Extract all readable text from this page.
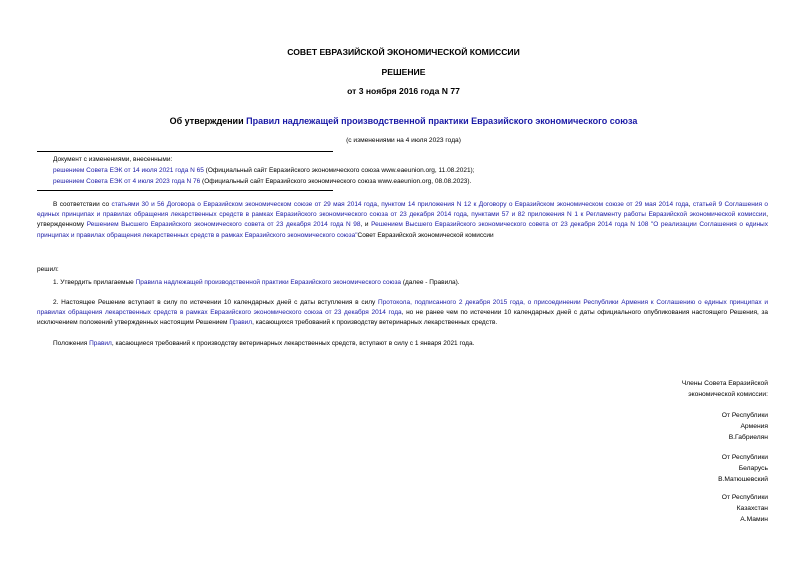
СОВЕТ ЕВРАЗИЙСКОЙ ЭКОНОМИЧЕСКОЙ КОМИССИИ
РЕШЕНИЕ
от 3 ноября 2016 года N 77
Об утверждении Правил надлежащей производственной практики Евразийского экономического союза
(с изменениями на 4 июля 2023 года)
Документ с изменениями, внесенными:
решением Совета ЕЭК от 14 июля 2021 года N 65 (Официальный сайт Евразийского экономического союза www.eaeunion.org, 11.08.2021);
решением Совета ЕЭК от 4 июля 2023 года N 76 (Официальный сайт Евразийского экономического союза www.eaeunion.org, 08.08.2023).
В соответствии со статьями 30 и 56 Договора о Евразийском экономическом союзе от 29 мая 2014 года, пунктом 14 приложения N 12 к Договору о Евразийском экономическом союзе от 29 мая 2014 года, статьей 9 Соглашения о единых принципах и правилах обращения лекарственных средств в рамках Евразийского экономического союза от 23 декабря 2014 года, пунктами 57 и 82 приложения N 1 к Регламенту работы Евразийской экономической комиссии, утвержденному Решением Высшего Евразийского экономического совета от 23 декабря 2014 года N 98, и Решением Высшего Евразийского экономического совета от 23 декабря 2014 года N 108 "О реализации Соглашения о единых принципах и правилах обращения лекарственных средств в рамках Евразийского экономического союза"Совет Евразийской экономической комиссии
решил:
1. Утвердить прилагаемые Правила надлежащей производственной практики Евразийского экономического союза (далее - Правила).
2. Настоящее Решение вступает в силу по истечении 10 календарных дней с даты вступления в силу Протокола, подписанного 2 декабря 2015 года, о присоединении Республики Армения к Соглашению о единых принципах и правилах обращения лекарственных средств в рамках Евразийского экономического союза от 23 декабря 2014 года, но не ранее чем по истечении 10 календарных дней с даты официального опубликования настоящего Решения, за исключением положений утвержденных настоящим Решением Правил, касающихся требований к производству ветеринарных лекарственных средств.
Положения Правил, касающиеся требований к производству ветеринарных лекарственных средств, вступают в силу с 1 января 2021 года.
Члены Совета Евразийской
экономической комиссии:
От Республики
Армения
В.Габриелян
От Республики
Беларусь
В.Матюшевский
От Республики
Казахстан
А.Мамин
